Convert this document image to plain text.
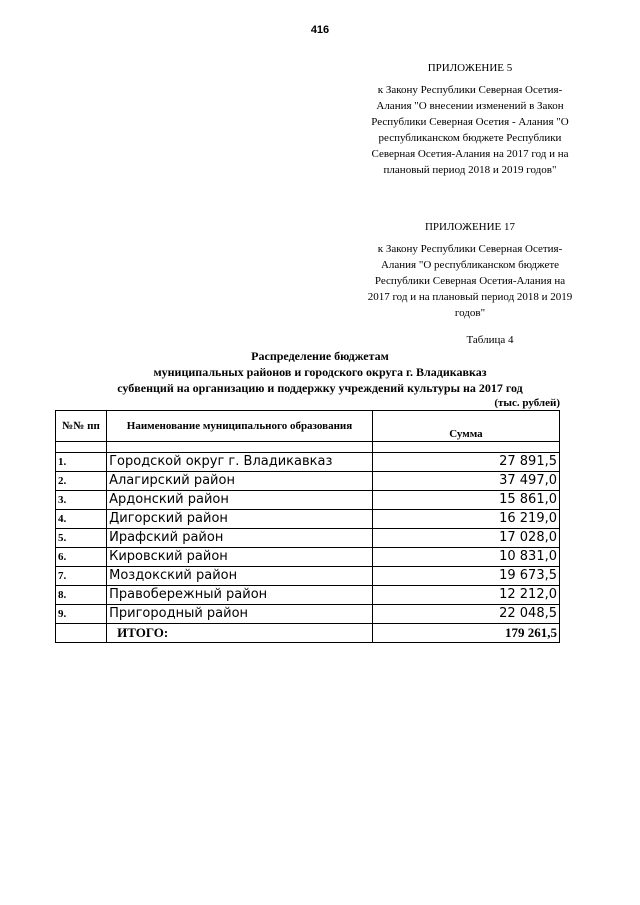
416
ПРИЛОЖЕНИЕ 5
к Закону Республики Северная Осетия-Алания "О внесении изменений в Закон Республики Северная Осетия - Алания "О республиканском бюджете Республики Северная Осетия-Алания на 2017 год и на плановый период 2018 и 2019 годов"
ПРИЛОЖЕНИЕ 17
к Закону Республики Северная Осетия-Алания "О республиканском бюджете Республики Северная Осетия-Алания на 2017 год и на плановый период 2018 и 2019 годов"
Таблица 4
Распределение бюджетам
муниципальных районов и городского округа г. Владикавказ
субвенций на организацию и поддержку учреждений культуры на 2017 год
(тыс. рублей)
№№ пп	Наименование муниципального образования	Сумма

1.	Городской округ г. Владикавказ	27 891,5
2.	Алагирский район	37 497,0
3.	Ардонский район	15 861,0
4.	Дигорский район	16 219,0
5.	Ирафский район	17 028,0
6.	Кировский район	10 831,0
7.	Моздокский район	19 673,5
8.	Правобережный район	12 212,0
9.	Пригородный район	22 048,5
	ИТОГО:	179 261,5
